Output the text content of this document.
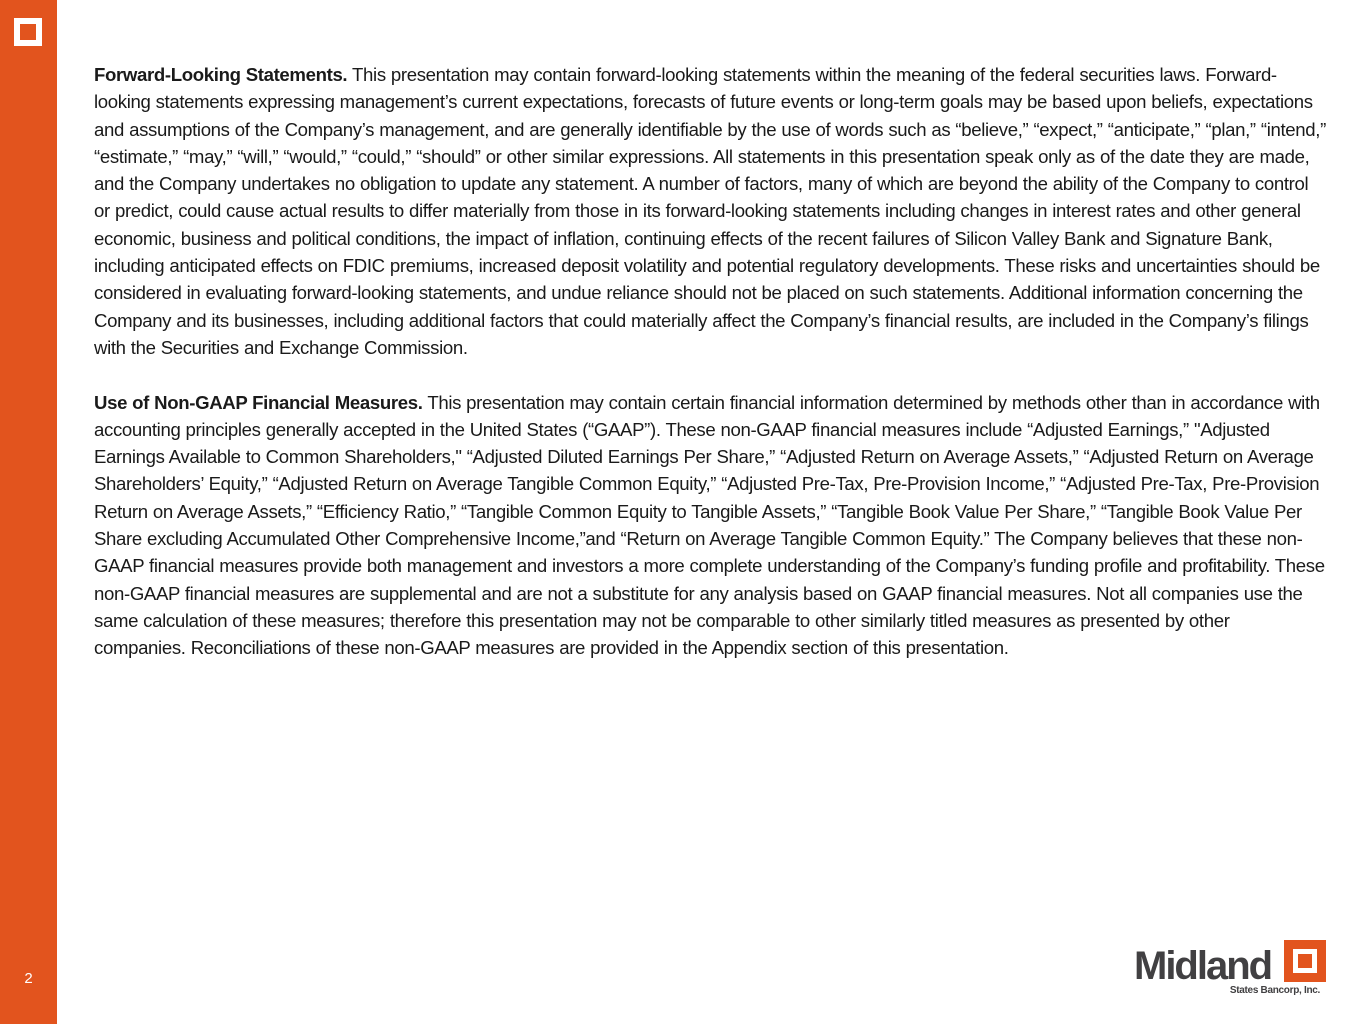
2

Forward-Looking Statements. This presentation may contain forward-looking statements within the meaning of the federal securities laws. Forward-looking statements expressing management’s current expectations, forecasts of future events or long-term goals may be based upon beliefs, expectations and assumptions of the Company’s management, and are generally identifiable by the use of words such as “believe,” “expect,” “anticipate,” “plan,” “intend,” “estimate,” “may,” “will,” “would,” “could,” “should” or other similar expressions. All statements in this presentation speak only as of the date they are made, and the Company undertakes no obligation to update any statement. A number of factors, many of which are beyond the ability of the Company to control or predict, could cause actual results to differ materially from those in its forward-looking statements including changes in interest rates and other general economic, business and political conditions, the impact of inflation, continuing effects of the recent failures of Silicon Valley Bank and Signature Bank, including anticipated effects on FDIC premiums, increased deposit volatility and potential regulatory developments. These risks and uncertainties should be considered in evaluating forward-looking statements, and undue reliance should not be placed on such statements. Additional information concerning the Company and its businesses, including additional factors that could materially affect the Company’s financial results, are included in the Company’s filings with the Securities and Exchange Commission.

Use of Non-GAAP Financial Measures. This presentation may contain certain financial information determined by methods other than in accordance with accounting principles generally accepted in the United States (“GAAP”). These non-GAAP financial measures include “Adjusted Earnings,” "Adjusted Earnings Available to Common Shareholders," “Adjusted Diluted Earnings Per Share,” “Adjusted Return on Average Assets,” “Adjusted Return on Average Shareholders’ Equity,” “Adjusted Return on Average Tangible Common Equity,” “Adjusted Pre-Tax, Pre-Provision Income,” “Adjusted Pre-Tax, Pre-Provision Return on Average Assets,” “Efficiency Ratio,” “Tangible Common Equity to Tangible Assets,” “Tangible Book Value Per Share,” “Tangible Book Value Per Share excluding Accumulated Other Comprehensive Income,”and “Return on Average Tangible Common Equity.” The Company believes that these non-GAAP financial measures provide both management and investors a more complete understanding of the Company’s funding profile and profitability. These non-GAAP financial measures are supplemental and are not a substitute for any analysis based on GAAP financial measures. Not all companies use the same calculation of these measures; therefore this presentation may not be comparable to other similarly titled measures as presented by other companies. Reconciliations of these non-GAAP measures are provided in the Appendix section of this presentation.

Midland
States Bancorp, Inc.
